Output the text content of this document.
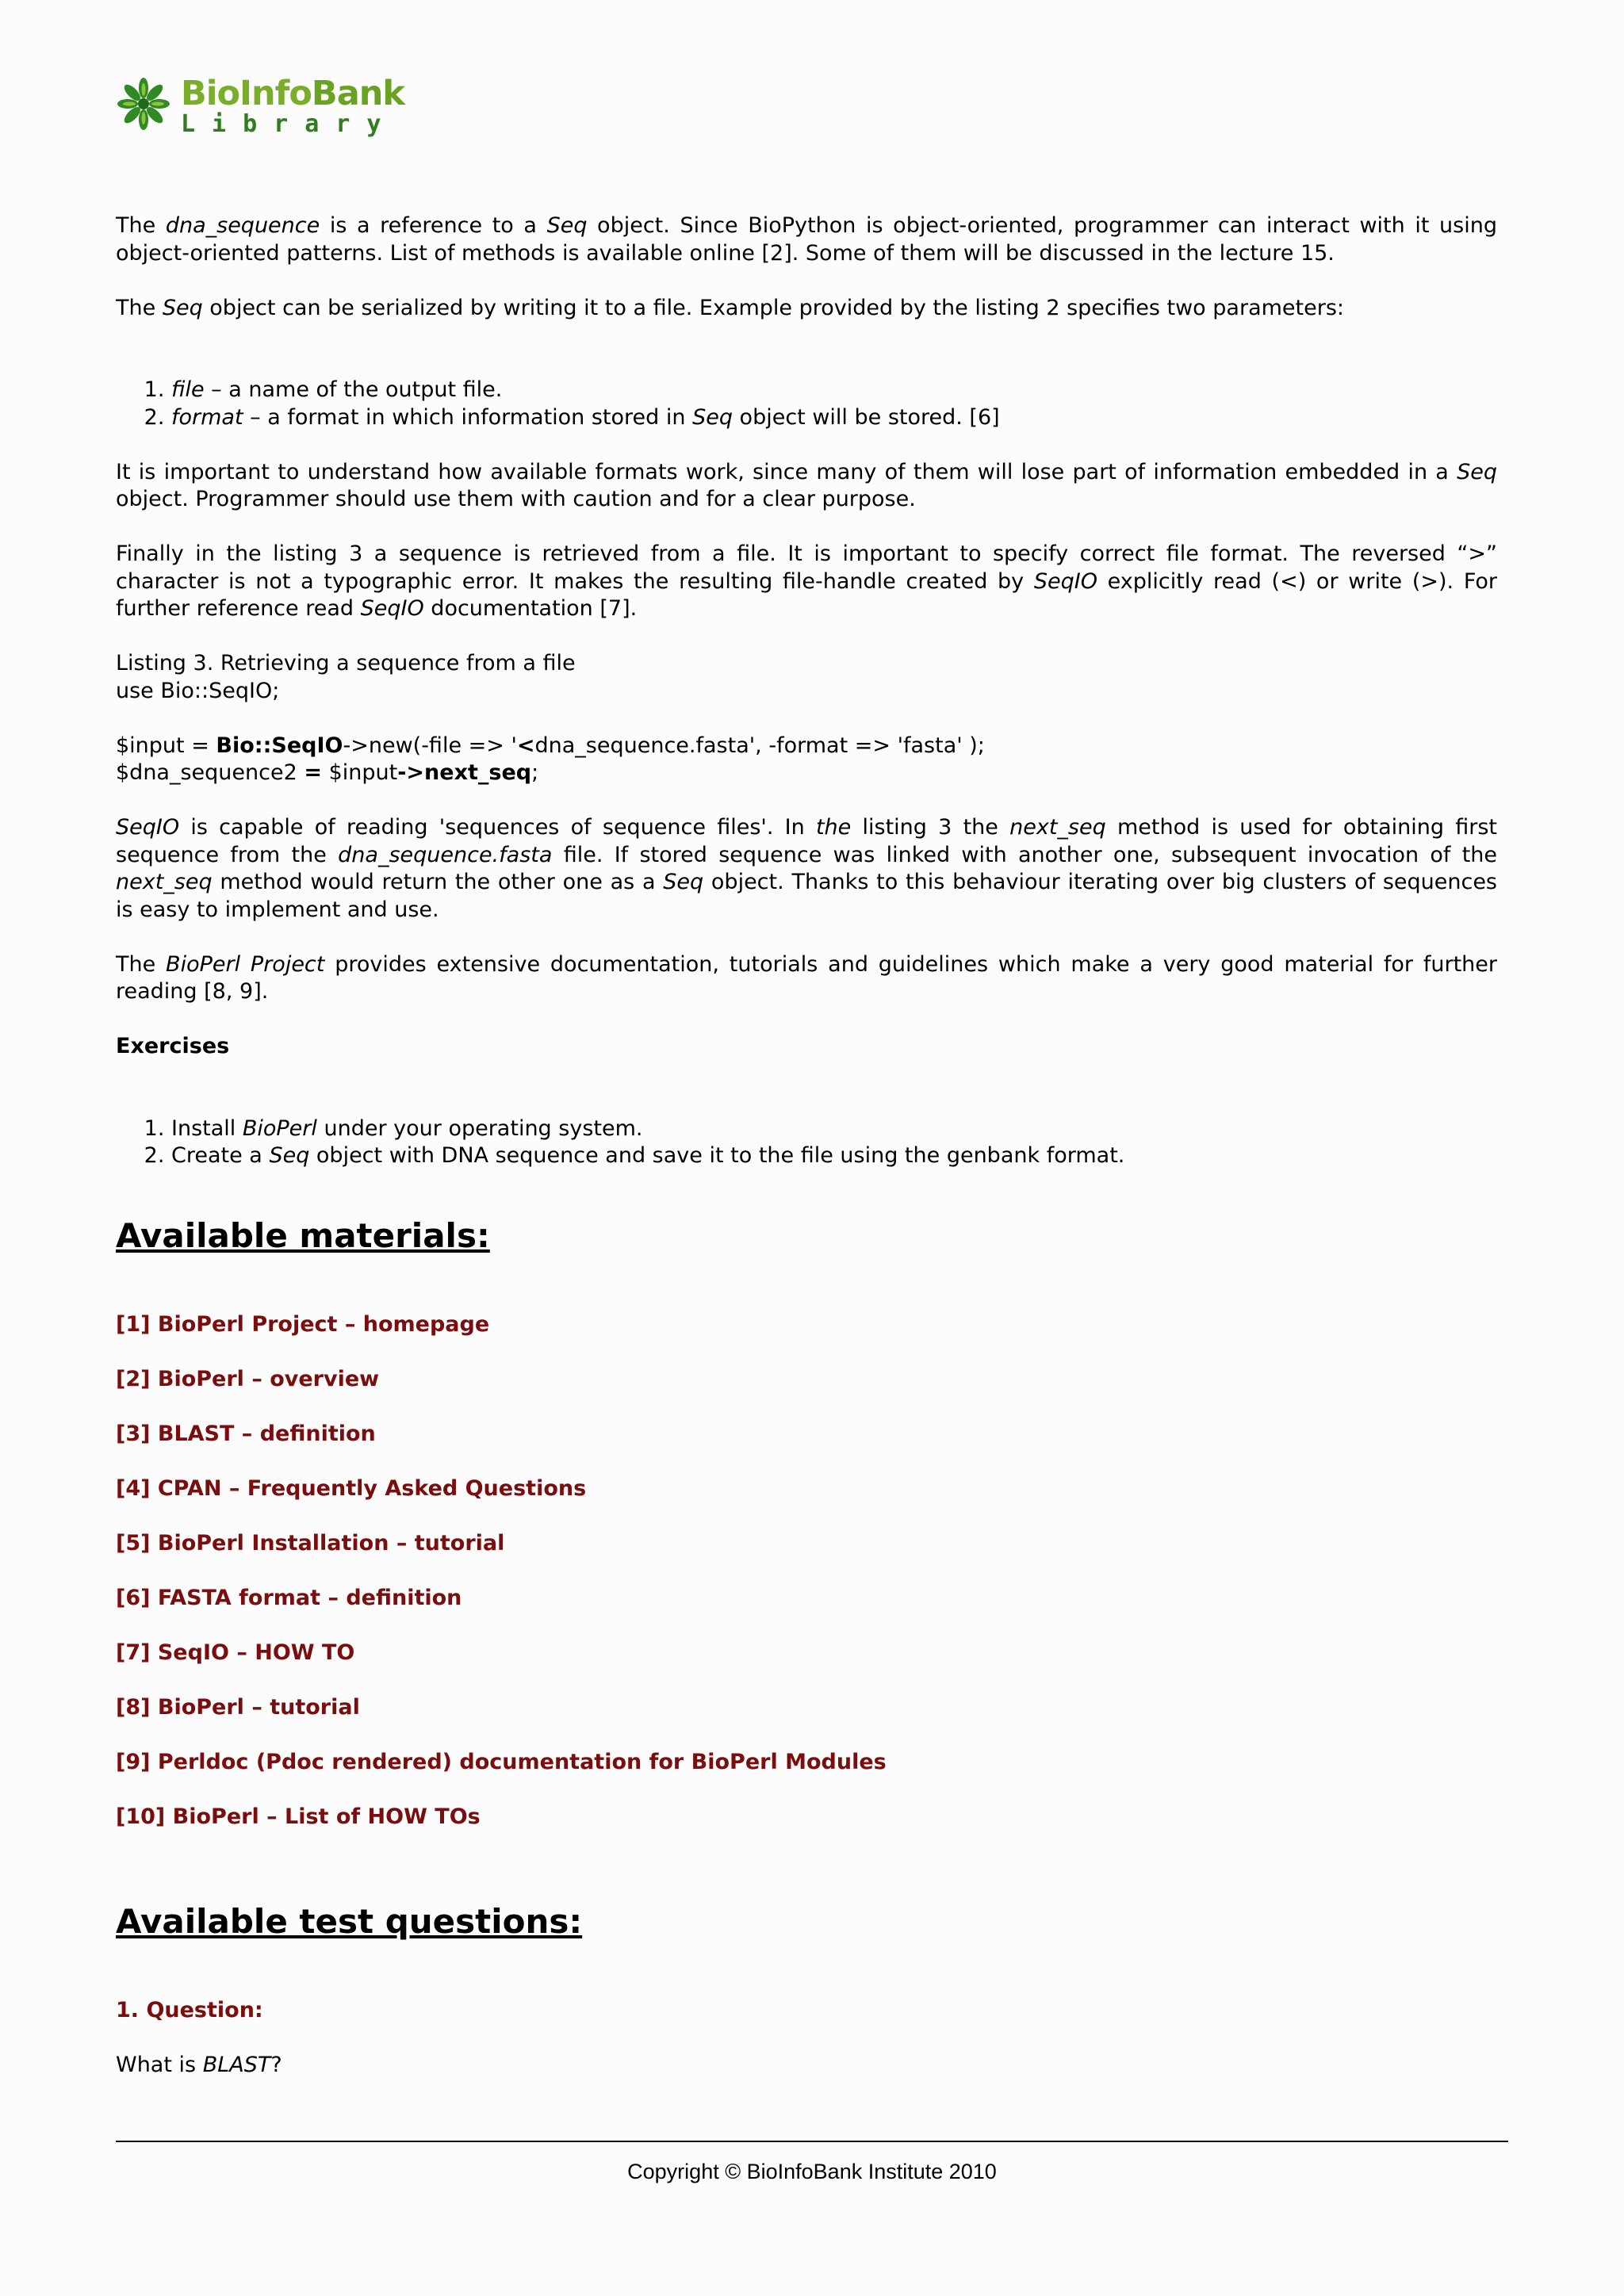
BioInfoBank
Library

The dna_sequence is a reference to a Seq object. Since BioPython is object-oriented, programmer can interact with it using object-oriented patterns. List of methods is available online [2]. Some of them will be discussed in the lecture 15.

The Seq object can be serialized by writing it to a file. Example provided by the listing 2 specifies two parameters:

1. file – a name of the output file.
2. format – a format in which information stored in Seq object will be stored. [6]

It is important to understand how available formats work, since many of them will lose part of information embedded in a Seq object. Programmer should use them with caution and for a clear purpose.

Finally in the listing 3 a sequence is retrieved from a file. It is important to specify correct file format. The reversed “>” character is not a typographic error. It makes the resulting file-handle created by SeqIO explicitly read (<) or write (>). For further reference read SeqIO documentation [7].

Listing 3. Retrieving a sequence from a file
use Bio::SeqIO;
$input = Bio::SeqIO->new(-file => '<dna_sequence.fasta', -format => 'fasta' );
$dna_sequence2 = $input->next_seq;

SeqIO is capable of reading 'sequences of sequence files'. In the listing 3 the next_seq method is used for obtaining first sequence from the dna_sequence.fasta file. If stored sequence was linked with another one, subsequent invocation of the next_seq method would return the other one as a Seq object. Thanks to this behaviour iterating over big clusters of sequences is easy to implement and use.

The BioPerl Project provides extensive documentation, tutorials and guidelines which make a very good material for further reading [8, 9].

Exercises

1. Install BioPerl under your operating system.
2. Create a Seq object with DNA sequence and save it to the file using the genbank format.
Available materials:
[1] BioPerl Project – homepage
[2] BioPerl – overview
[3] BLAST – definition
[4] CPAN – Frequently Asked Questions
[5] BioPerl Installation – tutorial
[6] FASTA format – definition
[7] SeqIO – HOW TO
[8] BioPerl – tutorial
[9] Perldoc (Pdoc rendered) documentation for BioPerl Modules
[10] BioPerl – List of HOW TOs
Available test questions:

1. Question:

What is BLAST?

Copyright © BioInfoBank Institute 2010
